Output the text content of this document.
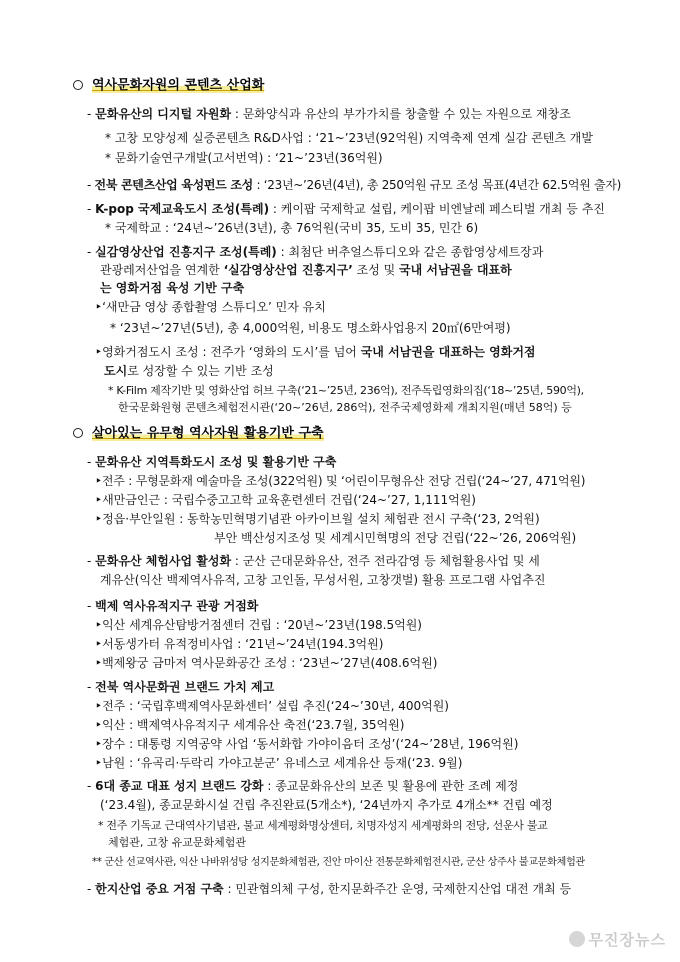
역사문화자원의 콘텐츠 산업화
- 문화유산의 디지털 자원화 : 문화양식과 유산의 부가가치를 창출할 수 있는 자원으로 재창조
* 고창 모양성제 실증콘텐츠 R&D사업 : ‘21~’23년(92억원) 지역축제 연계 실감 콘텐츠 개발
* 문화기술연구개발(고서번역) : ‘21~’23년(36억원)
- 전북 콘텐츠산업 육성펀드 조성 : ‘23년~’26년(4년), 총 250억원 규모 조성 목표(4년간 62.5억원 출자)
- K-pop 국제교육도시 조성(특례) : 케이팝 국제학교 설립, 케이팝 비엔날레 페스티벌 개최 등 추진
* 국제학교 : ‘24년~’26년(3년), 총 76억원(국비 35, 도비 35, 민간 6)
- 실감영상산업 진흥지구 조성(특례) : 최첨단 버추얼스튜디오와 같은 종합영상세트장과
관광레저산업을 연계한 ‘실감영상산업 진흥지구’ 조성 및 국내 서남권을 대표하
는 영화거점 육성 기반 구축
‣‘새만금 영상 종합촬영 스튜디오’ 민자 유치
* ‘23년~’27년(5년), 총 4,000억원, 비용도 명소화사업용지 20㎡(6만여평)
‣영화거점도시 조성 : 전주가 ‘영화의 도시’를 넘어 국내 서남권을 대표하는 영화거점
도시로 성장할 수 있는 기반 조성
* K-Film 제작기반 및 영화산업 허브 구축(‘21~’25년, 236억), 전주독립영화의집(‘18~’25년, 590억),
한국문화원형 콘텐츠체험전시관(‘20~’26년, 286억), 전주국제영화제 개최지원(매년 58억) 등
살아있는 유무형 역사자원 활용기반 구축
- 문화유산 지역특화도시 조성 및 활용기반 구축
‣전주 : 무형문화재 예술마을 조성(322억원) 및 ‘어린이무형유산 전당 건립(‘24~’27, 471억원)
‣새만금인근 : 국립수중고고학 교육훈련센터 건립(‘24~’27, 1,111억원)
‣정읍·부안일원 : 동학농민혁명기념관 아카이브월 설치 체험관 전시 구축(‘23, 2억원)
부안 백산성지조성 및 세계시민혁명의 전당 건립(‘22~’26, 206억원)
- 문화유산 체험사업 활성화 : 군산 근대문화유산, 전주 전라감영 등 체험활용사업 및 세
계유산(익산 백제역사유적, 고창 고인돌, 무성서원, 고창갯벌) 활용 프로그램 사업추진
- 백제 역사유적지구 관광 거점화
‣익산 세계유산탐방거점센터 건립 : ‘20년~’23년(198.5억원)
‣서동생가터 유적정비사업 : ‘21년~’24년(194.3억원)
‣백제왕궁 금마저 역사문화공간 조성 : ‘23년~’27년(408.6억원)
- 전북 역사문화권 브랜드 가치 제고
‣전주 : ‘국립후백제역사문화센터’ 설립 추진(‘24~’30년, 400억원)
‣익산 : 백제역사유적지구 세계유산 축전(‘23.7월, 35억원)
‣장수 : 대통령 지역공약 사업 ‘동서화합 가야이음터 조성’(‘24~’28년, 196억원)
‣남원 : ‘유곡리·두락리 가야고분군’ 유네스코 세계유산 등재(‘23. 9월)
- 6대 종교 대표 성지 브랜드 강화 : 종교문화유산의 보존 및 활용에 관한 조례 제정
(‘23.4월), 종교문화시설 건립 추진완료(5개소*), ‘24년까지 추가로 4개소** 건립 예정
* 전주 기독교 근대역사기념관, 불교 세계평화명상센터, 치명자성지 세계평화의 전당, 선운사 불교
체험관, 고창 유교문화체험관
** 군산 선교역사관, 익산 나바위성당 성지문화체험관, 진안 마이산 전통문화체험전시관, 군산 상주사 불교문화체험관
- 한지산업 중요 거점 구축 : 민관협의체 구성, 한지문화주간 운영, 국제한지산업 대전 개최 등
무진장뉴스
